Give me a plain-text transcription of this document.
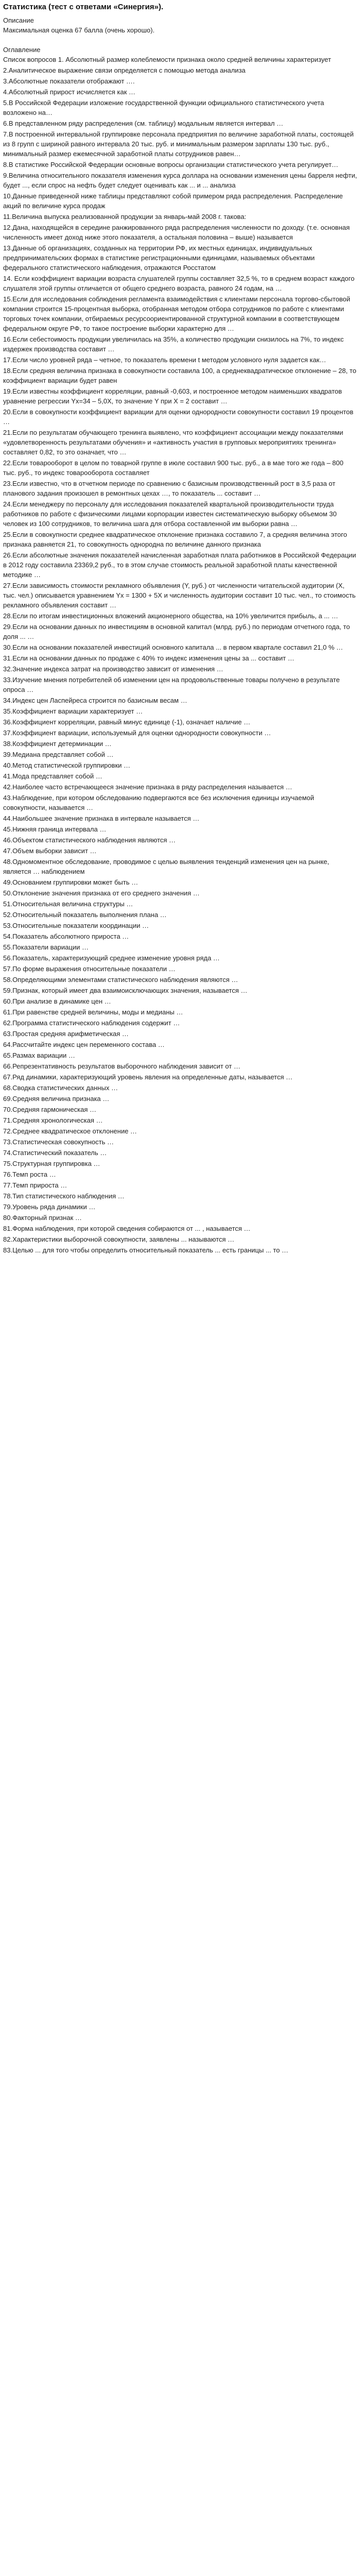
Статистика (тест с ответами «Синергия»).
Описание
Максимальная оценка 67 балла (очень хорошо).

Оглавление
Список вопросов 1. Абсолютный размер колеблемости признака около средней величины характеризует
2.Аналитическое выражение связи определяется с помощью метода анализа
3.Абсолютные показатели отображают ….
4.Абсолютный прирост исчисляется как …
5.В Российской Федерации изложение государственной функции официального статистического учета возложено на…
6.В представленном ряду распределения (см. таблицу) модальным является интервал …
7.В построенной интервальной группировке персонала предприятия по величине заработной платы, состоящей из 8 групп с шириной равного интервала 20 тыс. руб. и минимальным размером зарплаты 130 тыс. руб., минимальный размер ежемесячной заработной платы сотрудников равен…
8.В статистике Российской Федерации основные вопросы организации статистического учета регулирует…
9.Величина относительного показателя изменения курса доллара на основании изменения цены барреля нефти, будет ..., если спрос на нефть будет следует оценивать как ... и ... анализа
10.Данные приведенной ниже таблицы представляют собой примером ряда распределения. Распределение акций по величине курса продаж
11.Величина выпуска реализованной продукции за январь-май 2008 г. такова:
12.Дана, находящейся в середине ранжированного ряда распределения численности по доходу. (т.е. основная численность имеет доход ниже этого показателя, а остальная половина – выше) называется
13.Данные об организациях, созданных на территории РФ, их местных единицах, индивидуальных предпринимательских формах в статистике регистрационными единицами, называемых объектами федерального статистического наблюдения, отражаются Росстатом
14. Если коэффициент вариации возраста слушателей группы составляет 32,5 %, то в среднем возраст каждого слушателя этой группы отличается от общего среднего возраста, равного 24 годам, на …
15.Если для исследования соблюдения регламента взаимодействия с клиентами персонала торгово-сбытовой компании строится 15-процентная выборка, отобранная методом отбора сотрудников по работе с клиентами торговых точек компании, отбираемых ресурсоориентированной структурной компании в соответствующем федеральном округе РФ, то такое построение выборки характерно для …
16.Если себестоимость продукции увеличилась на 35%, а количество продукции снизилось на 7%, то индекс издержек производства составит …
17.Если число уровней ряда – четное, то показатель времени t методом условного нуля задается как…
18.Если средняя величина признака в совокупности составила 100, а среднеквадратическое отклонение – 28, то коэффициент вариации будет равен
19.Если известны коэффициент корреляции, равный -0,603, и построенное методом наименьших квадратов уравнение регрессии Yx=34 – 5,0X, то значение Y при X = 2 составит …
20.Если в совокупности коэффициент вариации для оценки однородности совокупности составил 19 процентов …
21.Если по результатам обучающего тренинга выявлено, что коэффициент ассоциации между показателями «удовлетворенность результатами обучения» и «активность участия в групповых мероприятиях тренинга» составляет 0,82, то это означает, что …
22.Если товарооборот в целом по товарной группе в июле составил 900 тыс. руб., а в мае того же года – 800 тыс. руб., то индекс товарооборота составляет
23.Если известно, что в отчетном периоде по сравнению с базисным производственный рост в 3,5 раза от планового задания произошел в ремонтных цехах …, то показатель ... составит …
24.Если менеджеру по персоналу для исследования показателей квартальной производительности труда работников по работе с физическими лицами корпорации известен систематическую выборку объемом 30 человек из 100 сотрудников, то величина шага для отбора составленной им выборки равна …
25.Если в совокупности среднее квадратическое отклонение признака составило 7, а средняя величина этого признака равняется 21, то совокупность однородна по величине данного признака
26.Если абсолютные значения показателей начисленная заработная плата работников в Российской Федерации в 2012 году составила 23369,2 руб., то в этом случае стоимость реальной заработной платы качественной методике …
27.Если зависимость стоимости рекламного объявления (Y, руб.) от численности читательской аудитории (X, тыс. чел.) описывается уравнением Yx = 1300 + 5X и численность аудитории составит 10 тыс. чел., то стоимость рекламного объявления составит …
28.Если по итогам инвестиционных вложений акционерного общества, на 10% увеличится прибыль, а ... …
29.Если на основании данных по инвестициям в основной капитал (млрд. руб.) по периодам отчетного года, то доля ... …
30.Если на основании показателей инвестиций основного капитала ... в первом квартале составил 21,0 % …
31.Если на основании данных по продаже с 40% то индекс изменения цены за ... составит …
32.Значение индекса затрат на производство зависит от изменения …
33.Изучение мнения потребителей об изменении цен на продовольственные товары получено в результате опроса …
34.Индекс цен Ласпейреса строится по базисным весам …
35.Коэффициент вариации характеризует …
36.Коэффициент корреляции, равный минус единице (-1), означает наличие …
37.Коэффициент вариации, используемый для оценки однородности совокупности …
38.Коэффициент детерминации …
39.Медиана представляет собой …
40.Метод статистической группировки …
41.Мода представляет собой …
42.Наиболее часто встречающееся значение признака в ряду распределения называется …
43.Наблюдение, при котором обследованию подвергаются все без исключения единицы изучаемой совокупности, называется …
44.Наибольшее значение признака в интервале называется …
45.Нижняя граница интервала …
46.Объектом статистического наблюдения являются …
47.Объем выборки зависит …
48.Одномоментное обследование, проводимое с целью выявления тенденций изменения цен на рынке, является … наблюдением
49.Основанием группировки может быть …
50.Отклонение значения признака от его среднего значения …
51.Относительная величина структуры …
52.Относительный показатель выполнения плана …
53.Относительные показатели координации …
54.Показатель абсолютного прироста …
55.Показатели вариации …
56.Показатель, характеризующий среднее изменение уровня ряда …
57.По форме выражения относительные показатели …
58.Определяющими элементами статистического наблюдения являются …
59.Признак, который имеет два взаимоисключающих значения, называется …
60.При анализе в динамике цен …
61.При равенстве средней величины, моды и медианы …
62.Программа статистического наблюдения содержит …
63.Простая средняя арифметическая …
64.Рассчитайте индекс цен переменного состава …
65.Размах вариации …
66.Репрезентативность результатов выборочного наблюдения зависит от …
67.Ряд динамики, характеризующий уровень явления на определенные даты, называется …
68.Сводка статистических данных …
69.Средняя величина признака …
70.Средняя гармоническая …
71.Средняя хронологическая …
72.Среднее квадратическое отклонение …
73.Статистическая совокупность …
74.Статистический показатель …
75.Структурная группировка …
76.Темп роста …
77.Темп прироста …
78.Тип статистического наблюдения …
79.Уровень ряда динамики …
80.Факторный признак …
81.Форма наблюдения, при которой сведения собираются от ... , называется …
82.Характеристики выборочной совокупности, заявлены ... называются …
83.Целью ... для того чтобы определить относительный показатель ... есть границы ... то …
